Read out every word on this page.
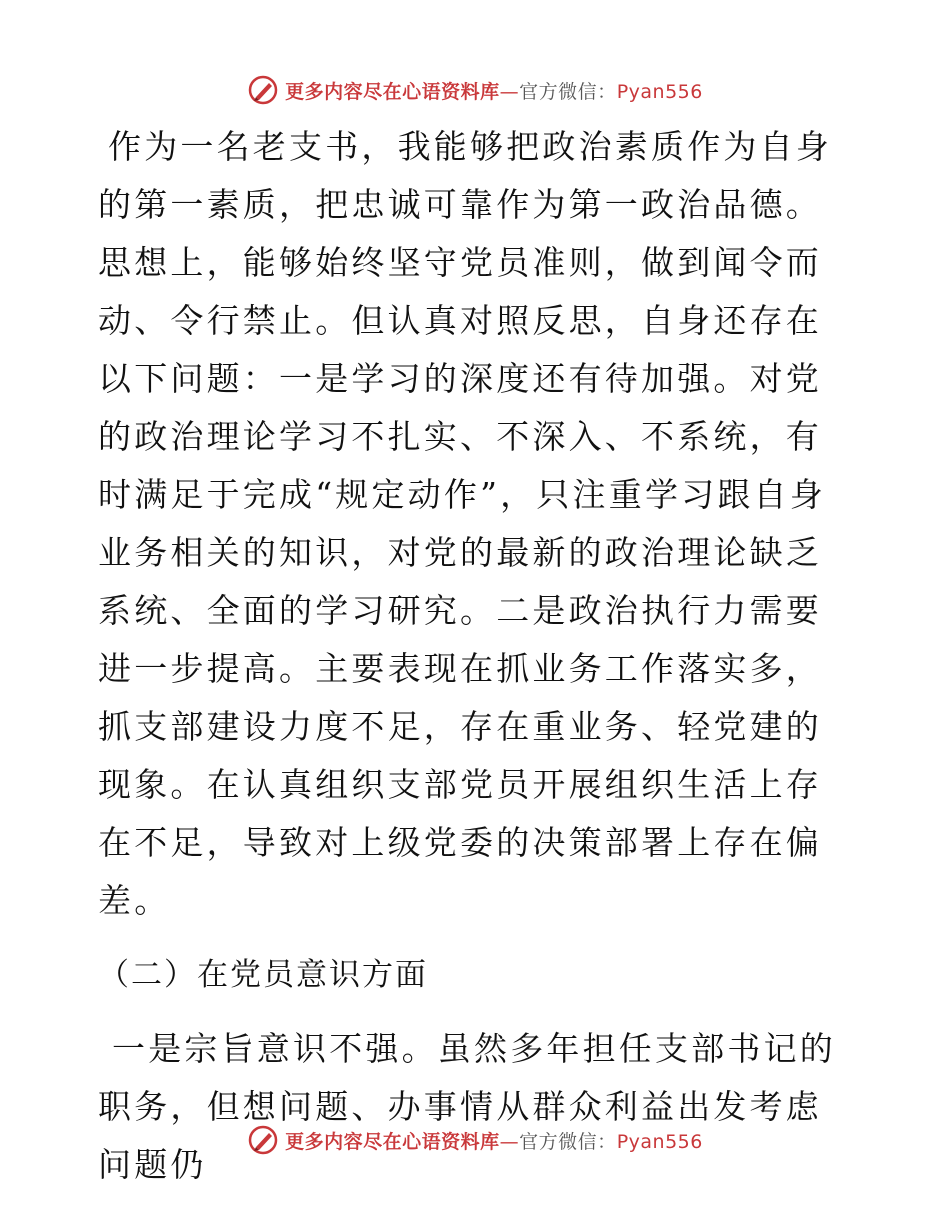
更多内容尽在心语资料库—官方微信：Pyan556

作为一名老支书，我能够把政治素质作为自身的第一素质，把忠诚可靠作为第一政治品德。思想上，能够始终坚守党员准则，做到闻令而动、令行禁止。但认真对照反思，自身还存在以下问题：一是学习的深度还有待加强。对党的政治理论学习不扎实、不深入、不系统，有时满足于完成“规定动作”，只注重学习跟自身业务相关的知识，对党的最新的政治理论缺乏系统、全面的学习研究。二是政治执行力需要进一步提高。主要表现在抓业务工作落实多，抓支部建设力度不足，存在重业务、轻党建的现象。在认真组织支部党员开展组织生活上存在不足，导致对上级党委的决策部署上存在偏差。

（二）在党员意识方面

一是宗旨意识不强。虽然多年担任支部书记的职务，但想问题、办事情从群众利益出发考虑问题仍

更多内容尽在心语资料库—官方微信：Pyan556
